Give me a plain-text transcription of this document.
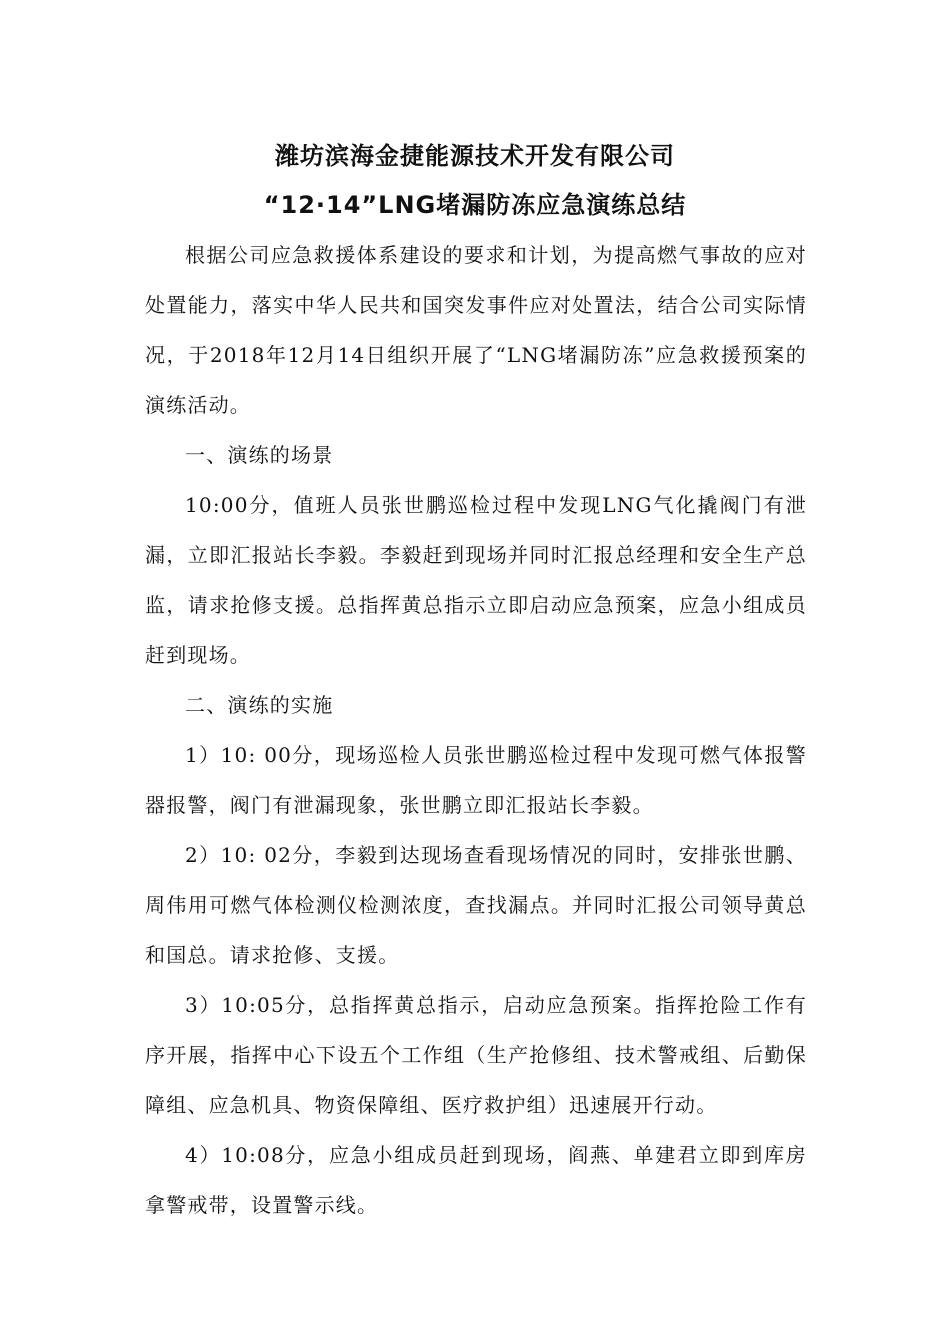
潍坊滨海金捷能源技术开发有限公司
“12·14”LNG堵漏防冻应急演练总结

根据公司应急救援体系建设的要求和计划，为提高燃气事故的应对处置能力，落实中华人民共和国突发事件应对处置法，结合公司实际情况，于2018年12月14日组织开展了“LNG堵漏防冻”应急救援预案的演练活动。

一、演练的场景

10:00分，值班人员张世鹏巡检过程中发现LNG气化撬阀门有泄漏，立即汇报站长李毅。李毅赶到现场并同时汇报总经理和安全生产总监，请求抢修支援。总指挥黄总指示立即启动应急预案，应急小组成员赶到现场。

二、演练的实施

1）10: 00分，现场巡检人员张世鹏巡检过程中发现可燃气体报警器报警，阀门有泄漏现象，张世鹏立即汇报站长李毅。

2）10: 02分，李毅到达现场查看现场情况的同时，安排张世鹏、周伟用可燃气体检测仪检测浓度，查找漏点。并同时汇报公司领导黄总和国总。请求抢修、支援。

3）10:05分，总指挥黄总指示，启动应急预案。指挥抢险工作有序开展，指挥中心下设五个工作组（生产抢修组、技术警戒组、后勤保障组、应急机具、物资保障组、医疗救护组）迅速展开行动。

4）10:08分，应急小组成员赶到现场，阎燕、单建君立即到库房拿警戒带，设置警示线。
